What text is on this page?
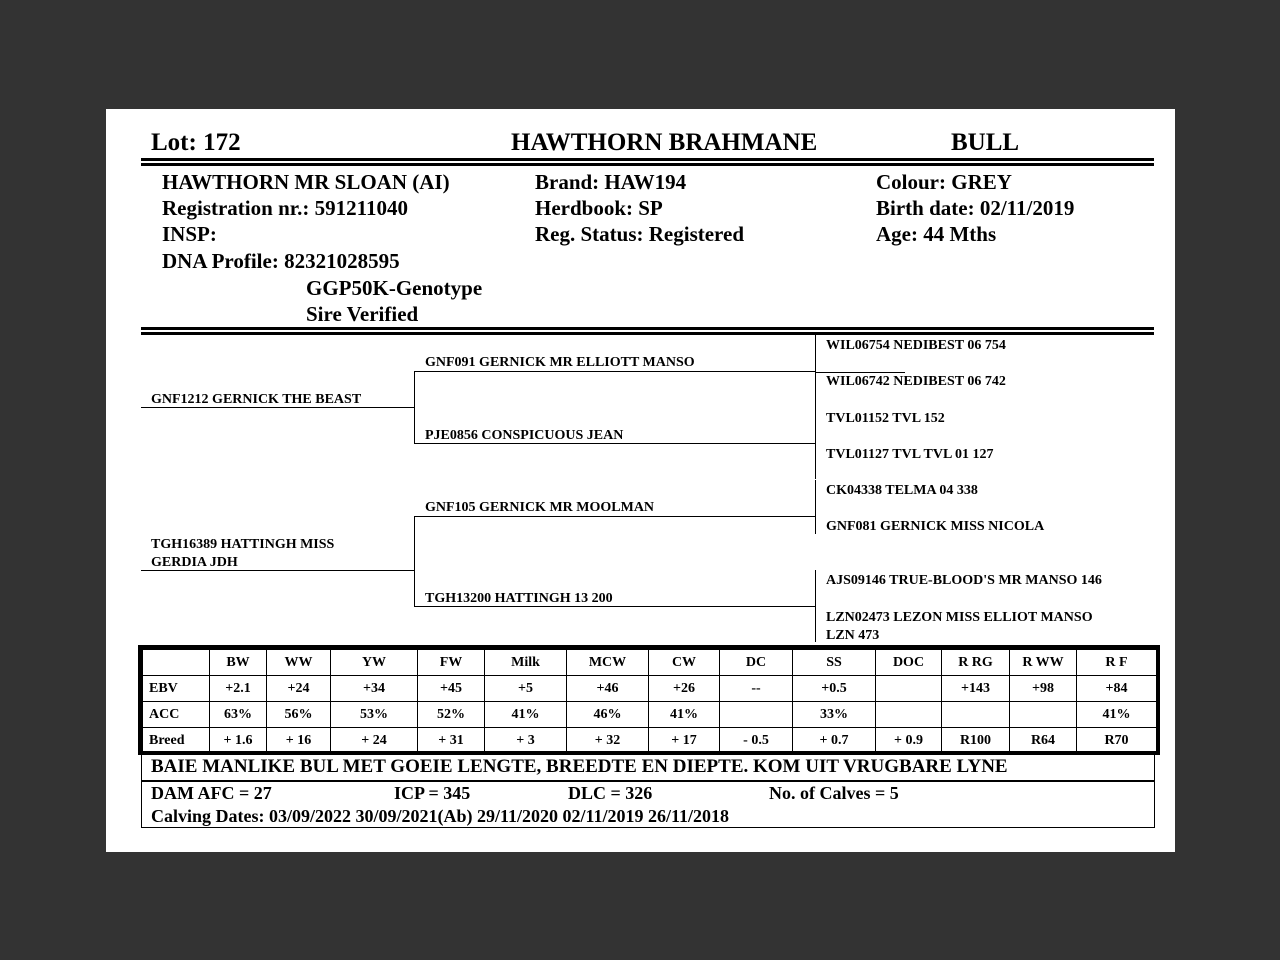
Lot: 172	HAWTHORN BRAHMANE	BULL
HAWTHORN MR SLOAN (AI)
Registration nr.: 591211040
INSP:
DNA Profile: 82321028595
GGP50K-Genotype
Sire Verified
Brand: HAW194
Herdbook: SP
Reg. Status: Registered
Colour: GREY
Birth date: 02/11/2019
Age: 44 Mths
GNF1212 GERNICK THE BEAST
TGH16389 HATTINGH MISS
GERDIA JDH
GNF091 GERNICK MR ELLIOTT MANSO
PJE0856 CONSPICUOUS JEAN
GNF105 GERNICK MR MOOLMAN
TGH13200 HATTINGH 13 200
WIL06754 NEDIBEST 06 754
WIL06742 NEDIBEST 06 742
TVL01152 TVL 152
TVL01127 TVL TVL 01 127
CK04338 TELMA 04 338
GNF081 GERNICK MISS NICOLA
AJS09146 TRUE-BLOOD'S MR MANSO 146
LZN02473 LEZON MISS ELLIOT MANSO
LZN 473
	BW	WW	YW	FW	Milk	MCW	CW	DC	SS	DOC	R RG	R WW	R F
EBV	+2.1	+24	+34	+45	+5	+46	+26	--	+0.5		+143	+98	+84
ACC	63%	56%	53%	52%	41%	46%	41%		33%				41%
Breed	+ 1.6	+ 16	+ 24	+ 31	+ 3	+ 32	+ 17	- 0.5	+ 0.7	+ 0.9	R100	R64	R70
BAIE MANLIKE BUL MET GOEIE LENGTE, BREEDTE EN DIEPTE. KOM UIT VRUGBARE LYNE
DAM AFC = 27	ICP = 345	DLC = 326	No. of Calves = 5
Calving Dates: 03/09/2022 30/09/2021(Ab) 29/11/2020 02/11/2019 26/11/2018
